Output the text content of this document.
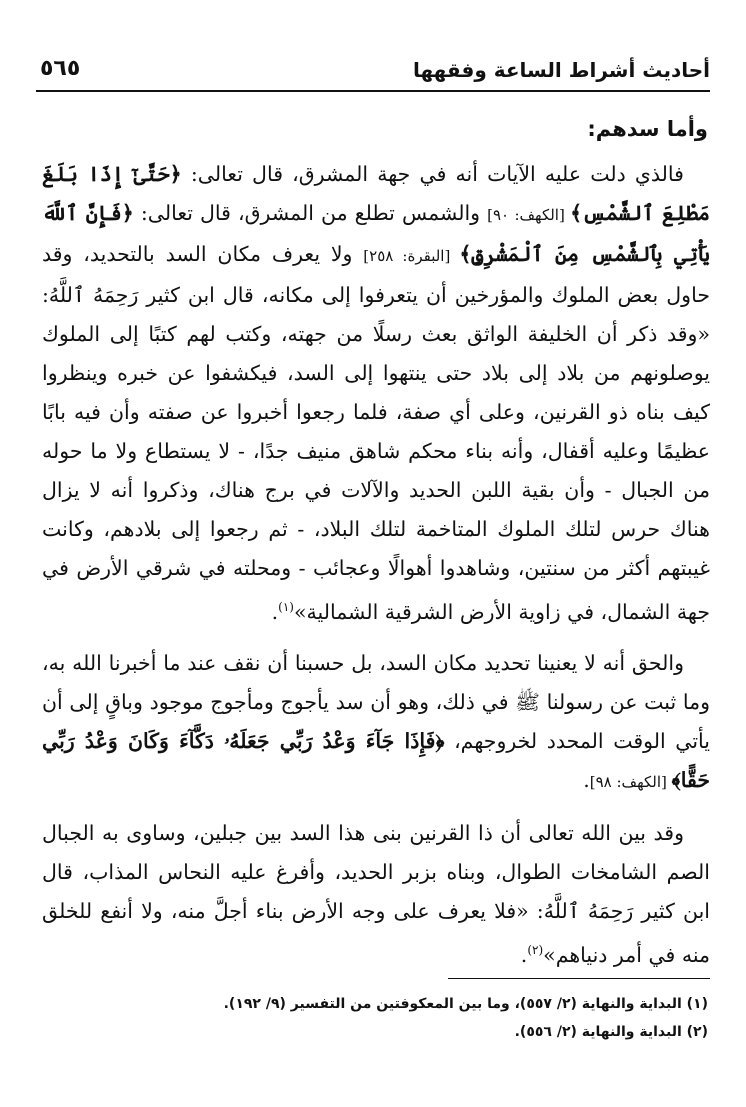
أحاديث أشراط الساعة وفقهها
٥٦٥
وأما سدهم:

فالذي دلت عليه الآيات أنه في جهة المشرق، قال تعالى: ﴿حَتَّىٰٓ إِذَا بَلَغَ مَطْلِعَ ٱلشَّمْسِ﴾ [الكهف: ٩٠] والشمس تطلع من المشرق، قال تعالى: ﴿فَإِنَّ ٱللَّهَ يَأْتِي بِٱلشَّمْسِ مِنَ ٱلْمَشْرِقِ﴾ [البقرة: ٢٥٨] ولا يعرف مكان السد بالتحديد، وقد حاول بعض الملوك والمؤرخين أن يتعرفوا إلى مكانه، قال ابن كثير رَحِمَهُ ٱللَّهُ: «وقد ذكر أن الخليفة الواثق بعث رسلًا من جهته، وكتب لهم كتبًا إلى الملوك يوصلونهم من بلاد إلى بلاد حتى ينتهوا إلى السد، فيكشفوا عن خبره وينظروا كيف بناه ذو القرنين، وعلى أي صفة، فلما رجعوا أخبروا عن صفته وأن فيه بابًا عظيمًا وعليه أقفال، وأنه بناء محكم شاهق منيف جدًا، - لا يستطاع ولا ما حوله من الجبال - وأن بقية اللبن الحديد والآلات في برج هناك، وذكروا أنه لا يزال هناك حرس لتلك الملوك المتاخمة لتلك البلاد، - ثم رجعوا إلى بلادهم، وكانت غيبتهم أكثر من سنتين، وشاهدوا أهوالًا وعجائب - ومحلته في شرقي الأرض في جهة الشمال، في زاوية الأرض الشرقية الشمالية»$^{(١)}$.

والحق أنه لا يعنينا تحديد مكان السد، بل حسبنا أن نقف عند ما أخبرنا الله به، وما ثبت عن رسولنا ﷺ في ذلك، وهو أن سد يأجوج ومأجوج موجود وباقٍ إلى أن يأتي الوقت المحدد لخروجهم، ﴿فَإِذَا جَآءَ وَعْدُ رَبِّي جَعَلَهُۥ دَكَّآءَ وَكَانَ وَعْدُ رَبِّي حَقًّا﴾ [الكهف: ٩٨].

وقد بين الله تعالى أن ذا القرنين بنى هذا السد بين جبلين، وساوى به الجبال الصم الشامخات الطوال، وبناه بزبر الحديد، وأفرغ عليه النحاس المذاب، قال ابن كثير رَحِمَهُ ٱللَّهُ: «فلا يعرف على وجه الأرض بناء أجلَّ منه، ولا أنفع للخلق منه في أمر دنياهم»$^{(٢)}$.

(١) البداية والنهاية (٢/ ٥٥٧)، وما بين المعكوفتين من التفسير (٩/ ١٩٢).

(٢) البداية والنهاية (٢/ ٥٥٦).
